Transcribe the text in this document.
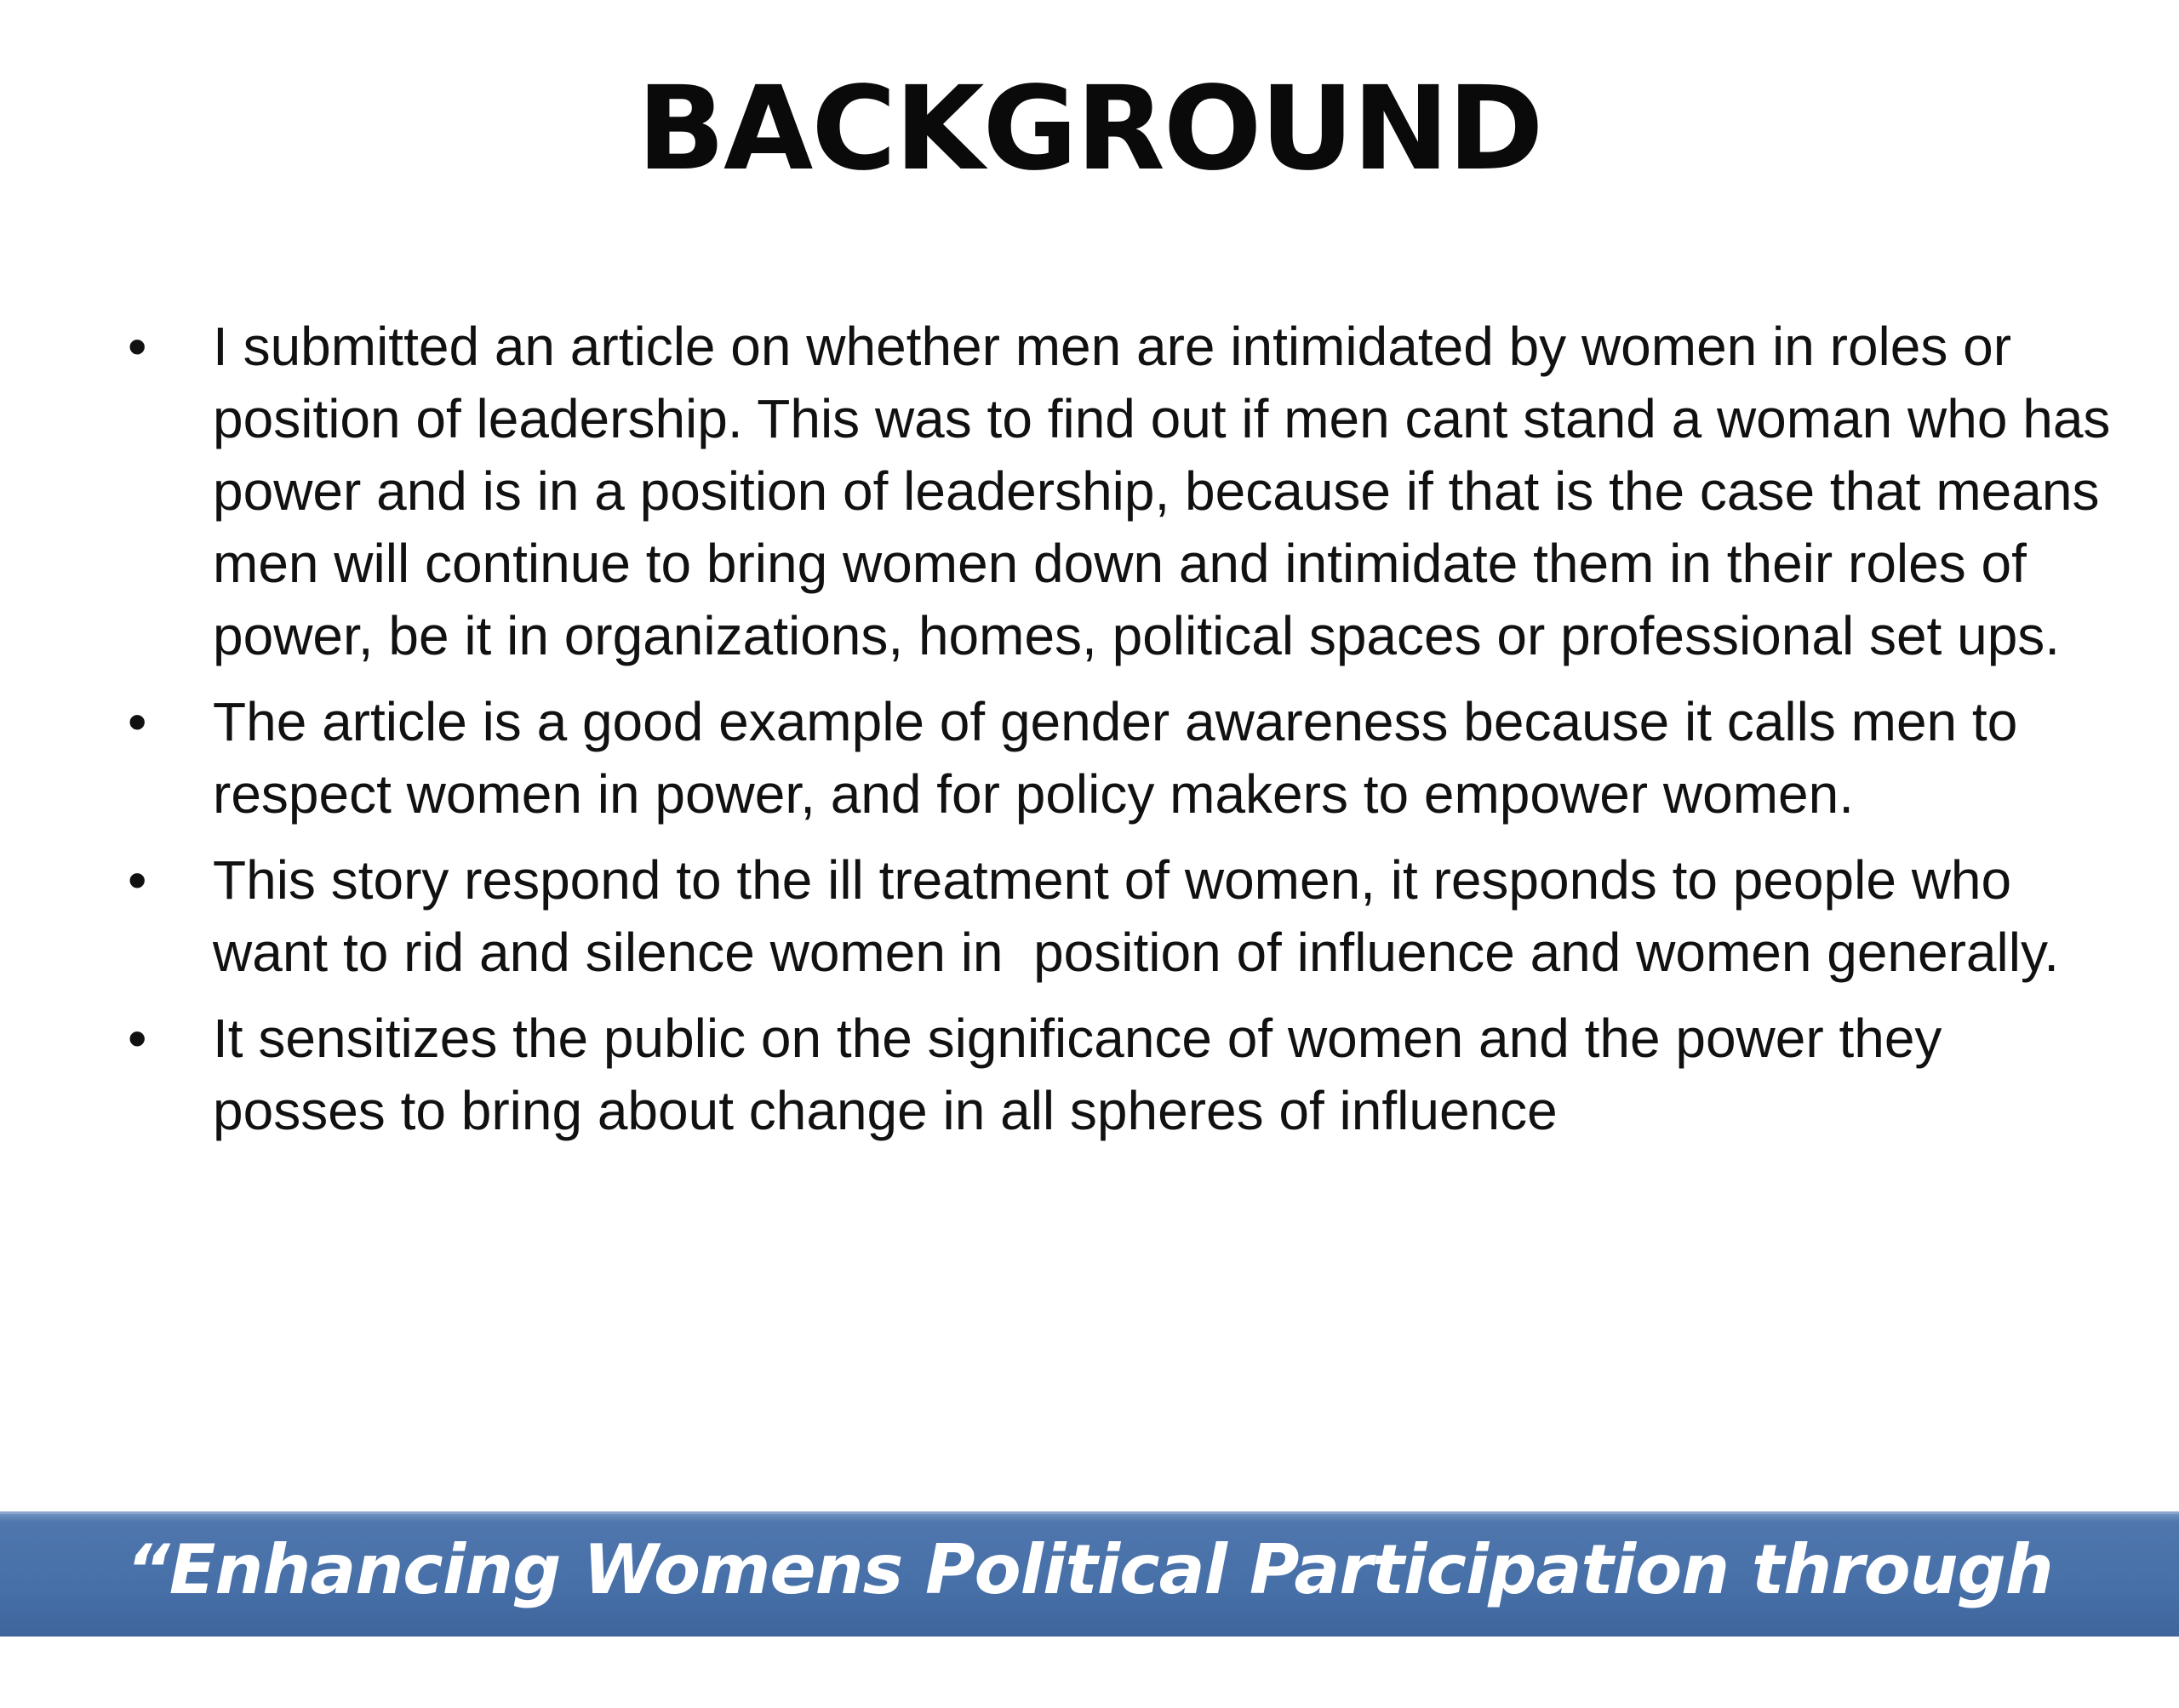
BACKGROUND
• I submitted an article on whether men are intimidated by women in roles or position of leadership. This was to find out if men cant stand a woman who has power and is in a position of leadership, because if that is the case that means men will continue to bring women down and intimidate them in their roles of power, be it in organizations, homes, political spaces or professional set ups.
• The article is a good example of gender awareness because it calls men to respect women in power, and for policy makers to empower women.
• This story respond to the ill treatment of women, it responds to people who want to rid and silence women in  position of influence and women generally.
• It sensitizes the public on the significance of women and the power they posses to bring about change in all spheres of influence
“Enhancing Womens Political Participation through
Media”
